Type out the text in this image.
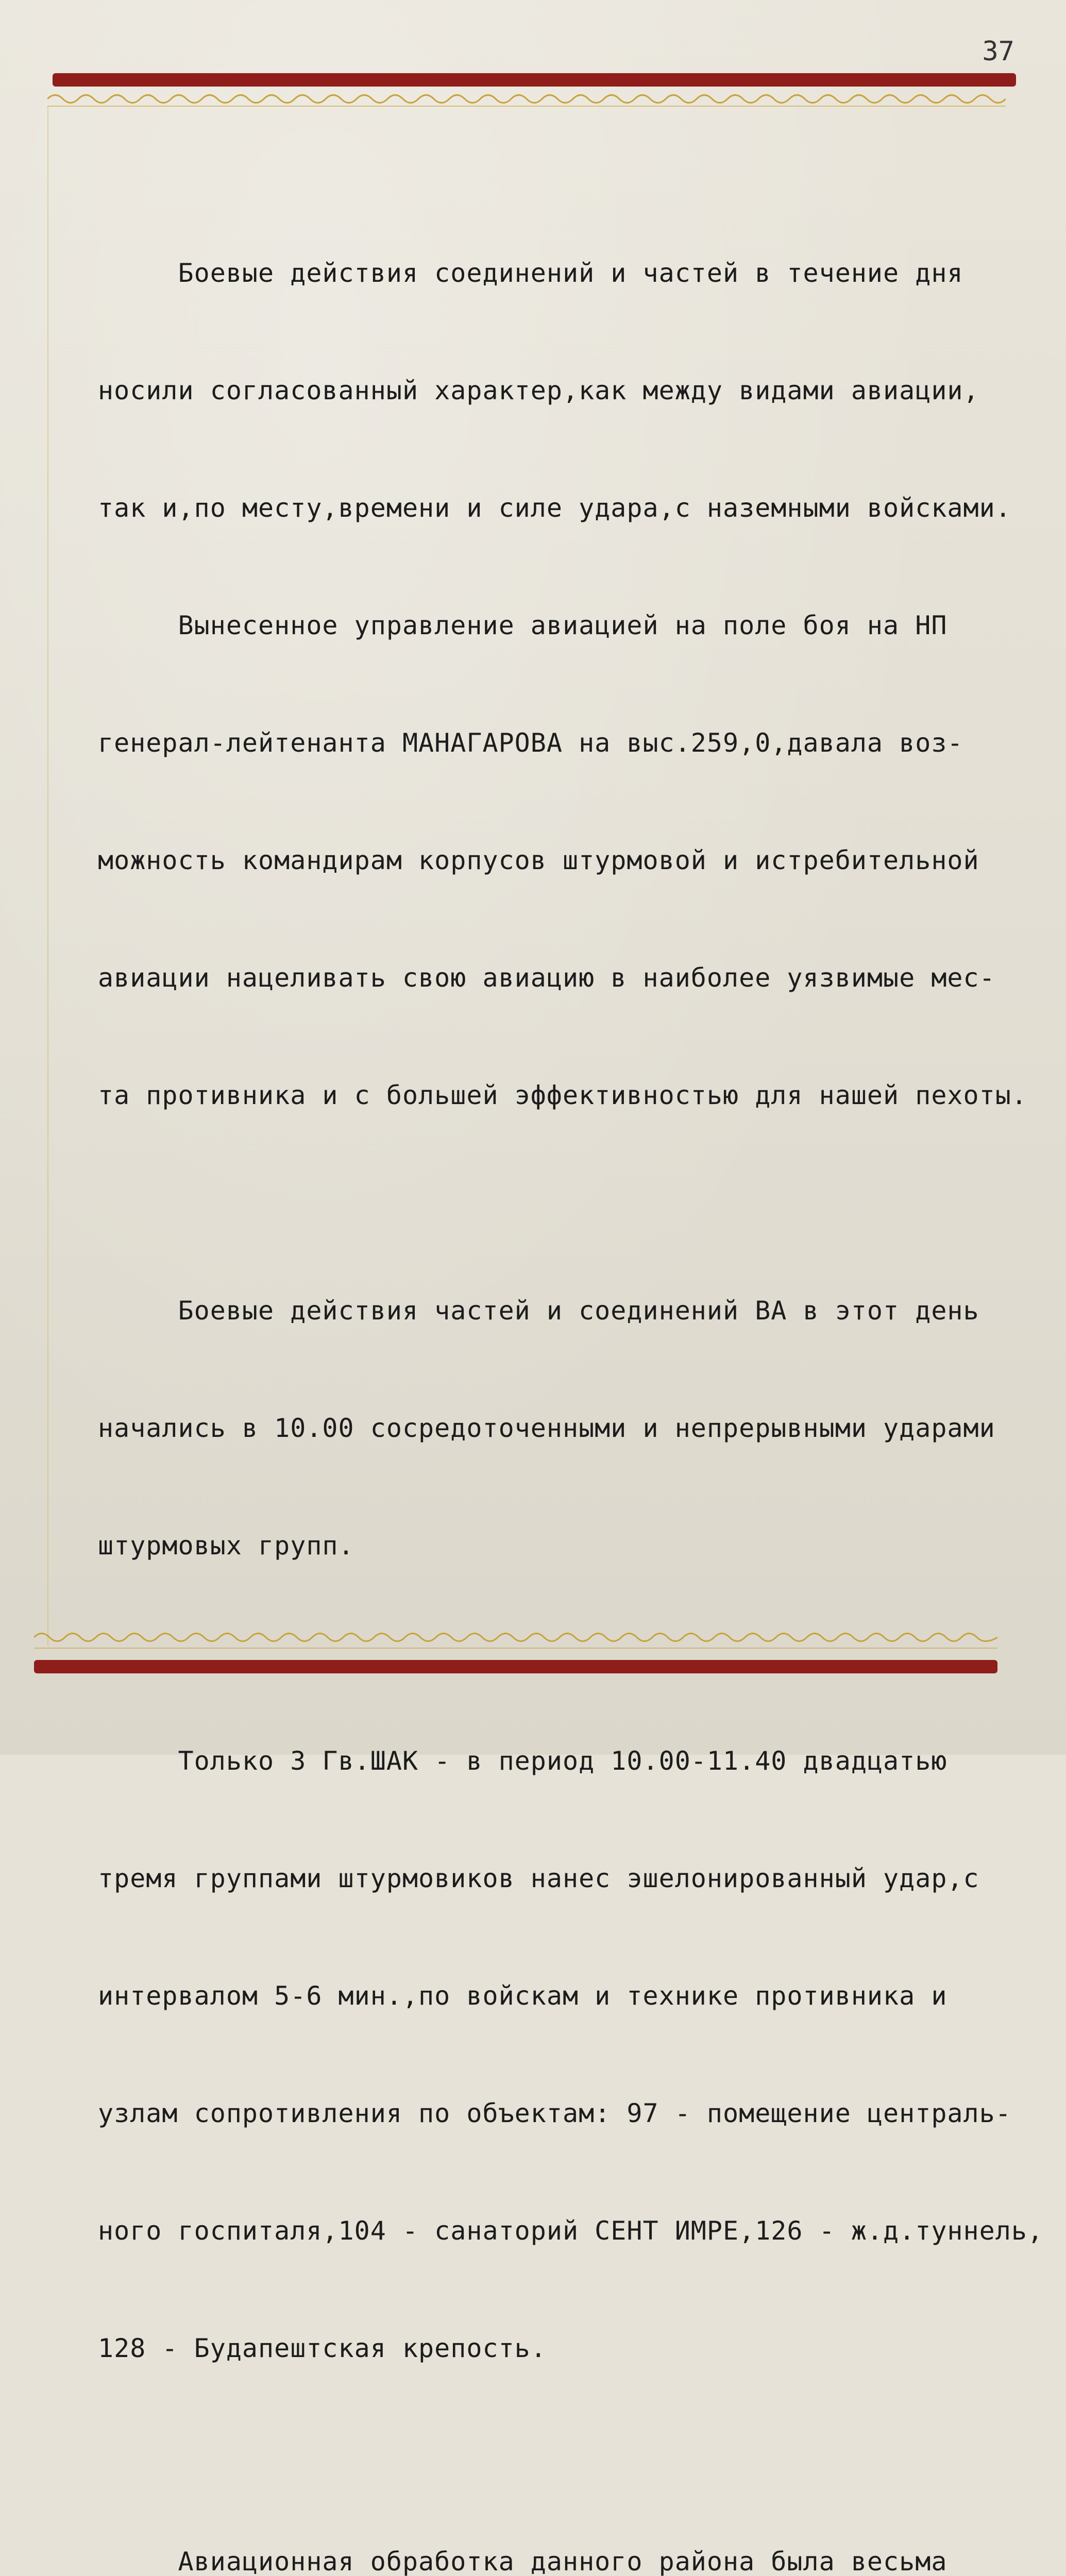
37

Боевые действия соединений и частей в течение дня

носили согласованный характер,как между видами авиации,

так и,по месту,времени и силе удара,с наземными войсками.

Вынесенное управление авиацией на поле боя на НП

генерал-лейтенанта МАНАГАРОВА на выс.259,0,давала воз-

можность командирам корпусов штурмовой и истребительной

авиации нацеливать свою авиацию в наиболее уязвимые мес-

та противника и с большей эффективностью для нашей пехоты.

Боевые действия частей и соединений ВА в этот день

начались в 10.00 сосредоточенными и непрерывными ударами

штурмовых групп.

Только 3 Гв.ШАК - в период 10.00-11.40 двадцатью

тремя группами штурмовиков нанес эшелонированный удар,с

интервалом 5-6 мин.,по войскам и технике противника и

узлам сопротивления по объектам: 97 - помещение централь-

ного госпиталя,104 - санаторий СЕНТ ИМРЕ,126 - ж.д.туннель,

128 - Будапештская крепость.

Авиационная обработка данного района была весьма
